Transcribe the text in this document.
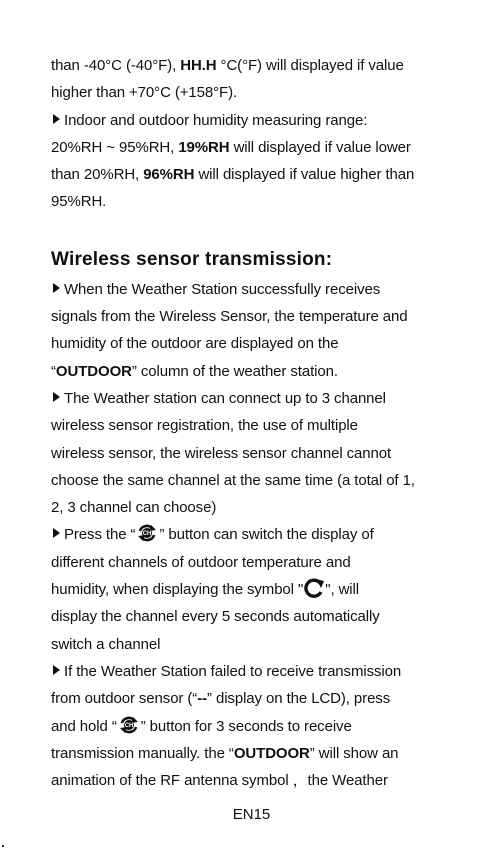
than -40°C (-40°F), HH.H °C(°F) will displayed if value
higher than +70°C (+158°F).
Indoor and outdoor humidity measuring range:
20%RH ~ 95%RH, 19%RH will displayed if value lower
than 20%RH, 96%RH will displayed if value higher than
95%RH.
Wireless sensor transmission:
When the Weather Station successfully receives
signals from the Wireless Sensor, the temperature and
humidity of the outdoor are displayed on the
“OUTDOOR” column of the weather station.
The Weather station can connect up to 3 channel
wireless sensor registration, the use of multiple
wireless sensor, the wireless sensor channel cannot
choose the same channel at the same time (a total of 1,
2, 3 channel can choose)
Press the “ CH ” button can switch the display of
different channels of outdoor temperature and
humidity, when displaying the symbol " ", will
display the channel every 5 seconds automatically
switch a channel
If the Weather Station failed to receive transmission
from outdoor sensor (“--” display on the LCD), press
and hold “ CH ” button for 3 seconds to receive
transmission manually. the “OUTDOOR” will show an
animation of the RF antenna symbol ，the Weather
EN15
